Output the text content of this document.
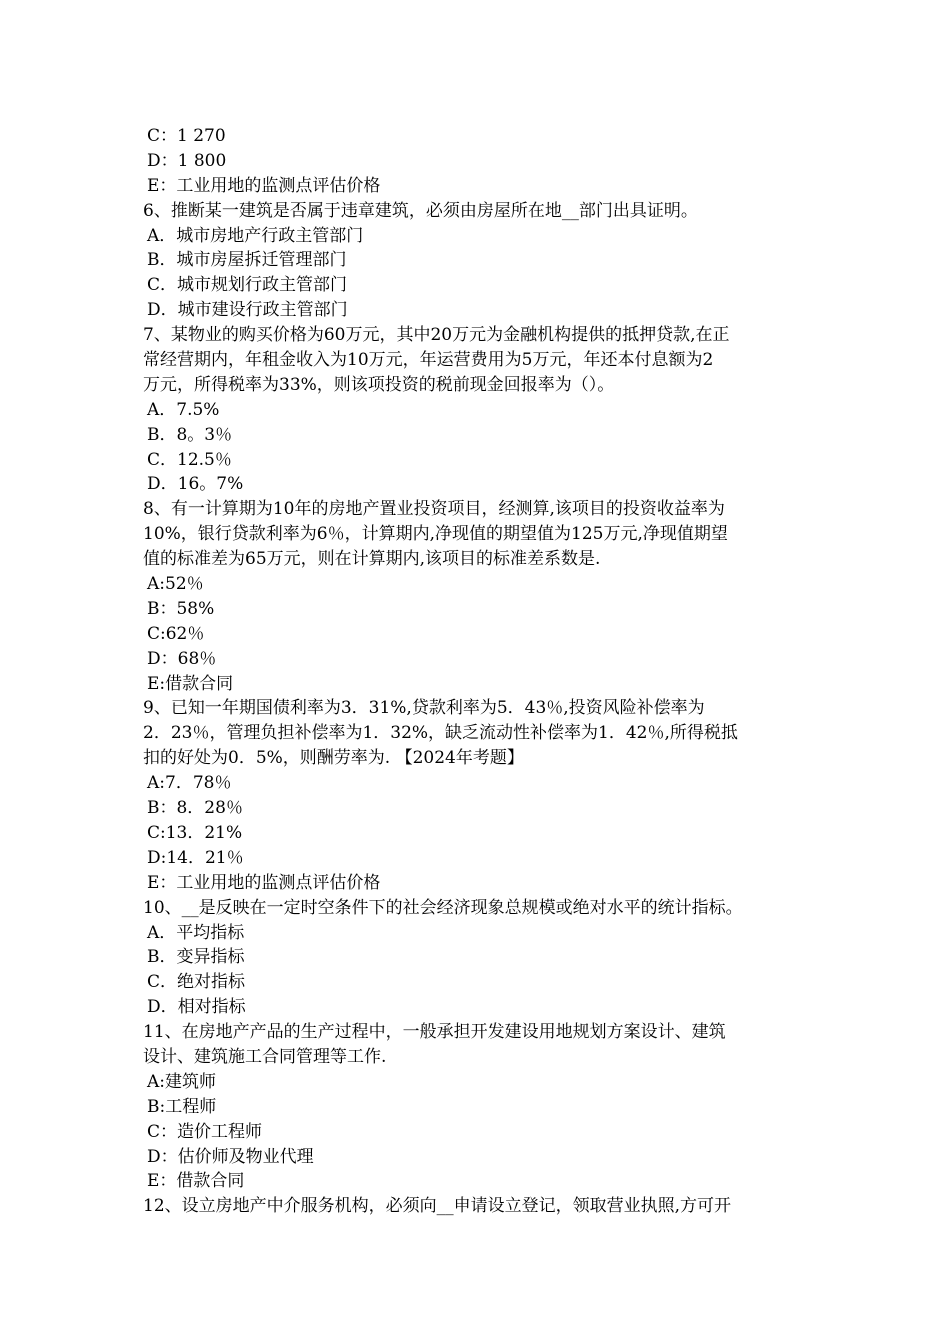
C：1 270
D：1 800
E：工业用地的监测点评估价格
6、推断某一建筑是否属于违章建筑，必须由房屋所在地__部门出具证明。
A．城市房地产行政主管部门
B．城市房屋拆迁管理部门
C．城市规划行政主管部门
D．城市建设行政主管部门
7、某物业的购买价格为60万元，其中20万元为金融机构提供的抵押贷款,在正
常经营期内，年租金收入为10万元，年运营费用为5万元，年还本付息额为2
万元，所得税率为33%，则该项投资的税前现金回报率为（）。
A．7.5%
B．8。3％
C．12.5％
D．16。7%
8、有一计算期为10年的房地产置业投资项目，经测算,该项目的投资收益率为
10%，银行贷款利率为6％，计算期内,净现值的期望值为125万元,净现值期望
值的标准差为65万元，则在计算期内,该项目的标准差系数是.
A:52％
B：58%
C:62％
D：68％
E:借款合同
9、已知一年期国债利率为3．31%,贷款利率为5．43％,投资风险补偿率为
2．23％，管理负担补偿率为1．32%，缺乏流动性补偿率为1．42％,所得税抵
扣的好处为0．5%，则酬劳率为. 【2024年考题】
A:7．78％
B：8．28％
C:13．21%
D:14．21％
E：工业用地的监测点评估价格
10、__是反映在一定时空条件下的社会经济现象总规模或绝对水平的统计指标。
A．平均指标
B．变异指标
C．绝对指标
D．相对指标
11、在房地产产品的生产过程中，一般承担开发建设用地规划方案设计、建筑
设计、建筑施工合同管理等工作.
A:建筑师
B:工程师
C：造价工程师
D：估价师及物业代理
E：借款合同
12、设立房地产中介服务机构，必须向__申请设立登记，领取营业执照,方可开
